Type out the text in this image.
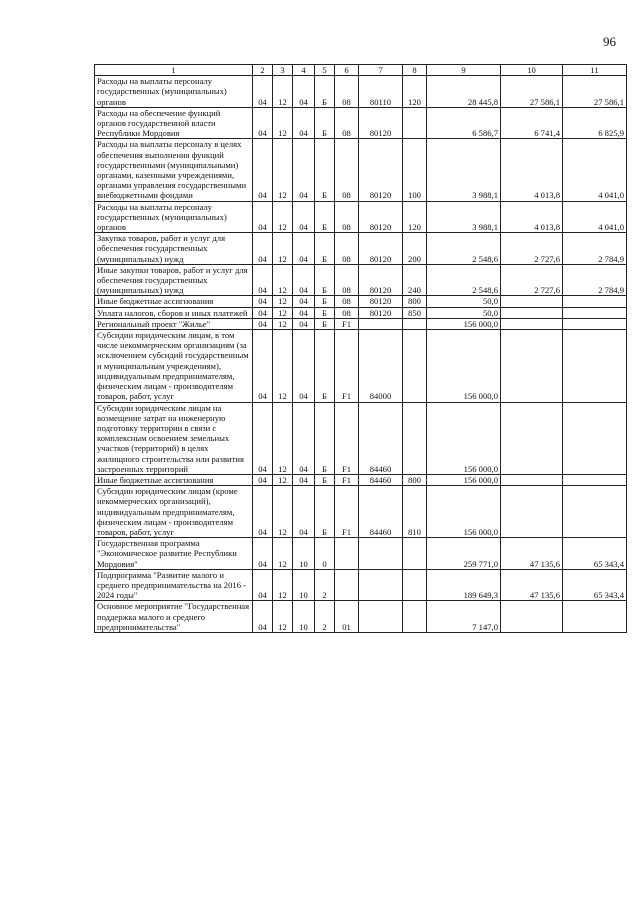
96
1	2	3	4	5	6	7	8	9	10	11
Расходы на выплаты персоналу государственных (муниципальных) органов	04	12	04	Б	08	80110	120	28 445,8	27 586,1	27 586,1
Расходы на обеспечение функций органов государственной власти Республики Мордовия	04	12	04	Б	08	80120		6 586,7	6 741,4	6 825,9
Расходы на выплаты персоналу в целях обеспечения выполнения функций государственными (муниципальными) органами, казенными учреждениями, органами управления государственными внебюджетными фондами	04	12	04	Б	08	80120	100	3 988,1	4 013,8	4 041,0
Расходы на выплаты персоналу государственных (муниципальных) органов	04	12	04	Б	08	80120	120	3 988,1	4 013,8	4 041,0
Закупка товаров, работ и услуг для обеспечения государственных (муниципальных) нужд	04	12	04	Б	08	80120	200	2 548,6	2 727,6	2 784,9
Иные закупки товаров, работ и услуг для обеспечения государственных (муниципальных) нужд	04	12	04	Б	08	80120	240	2 548,6	2 727,6	2 784,9
Иные бюджетные ассигнования	04	12	04	Б	08	80120	800	50,0		
Уплата налогов, сборов и иных платежей	04	12	04	Б	08	80120	850	50,0		
Региональный проект "Жилье"	04	12	04	Б	F1			156 000,0		
Субсидии юридическим лицам, в том числе некоммерческим организациям (за исключением субсидий государственным и муниципальным учреждениям), индивидуальным предпринимателям, физическим лицам - производителям товаров, работ, услуг	04	12	04	Б	F1	84000		156 000,0		
Субсидии юридическим лицам на возмещение затрат на инженерную подготовку территории в связи с комплексным освоением земельных участков (территорий) в целях жилищного строительства или развития застроенных территорий	04	12	04	Б	F1	84460		156 000,0		
Иные бюджетные ассигнования	04	12	04	Б	F1	84460	800	156 000,0		
Субсидии юридическим лицам (кроме некоммерческих организаций), индивидуальным предпринимателям, физическим лицам - производителям товаров, работ, услуг	04	12	04	Б	F1	84460	810	156 000,0		
Государственная программа "Экономическое развитие Республики Мордовия"	04	12	10	0				259 771,0	47 135,6	65 343,4
Подпрограмма "Развитие малого и среднего предпринимательства на 2016 - 2024 годы"	04	12	10	2				189 649,3	47 135,6	65 343,4
Основное мероприятие "Государственная поддержка малого и среднего предпринимательства"	04	12	10	2	01			7 147,0		
